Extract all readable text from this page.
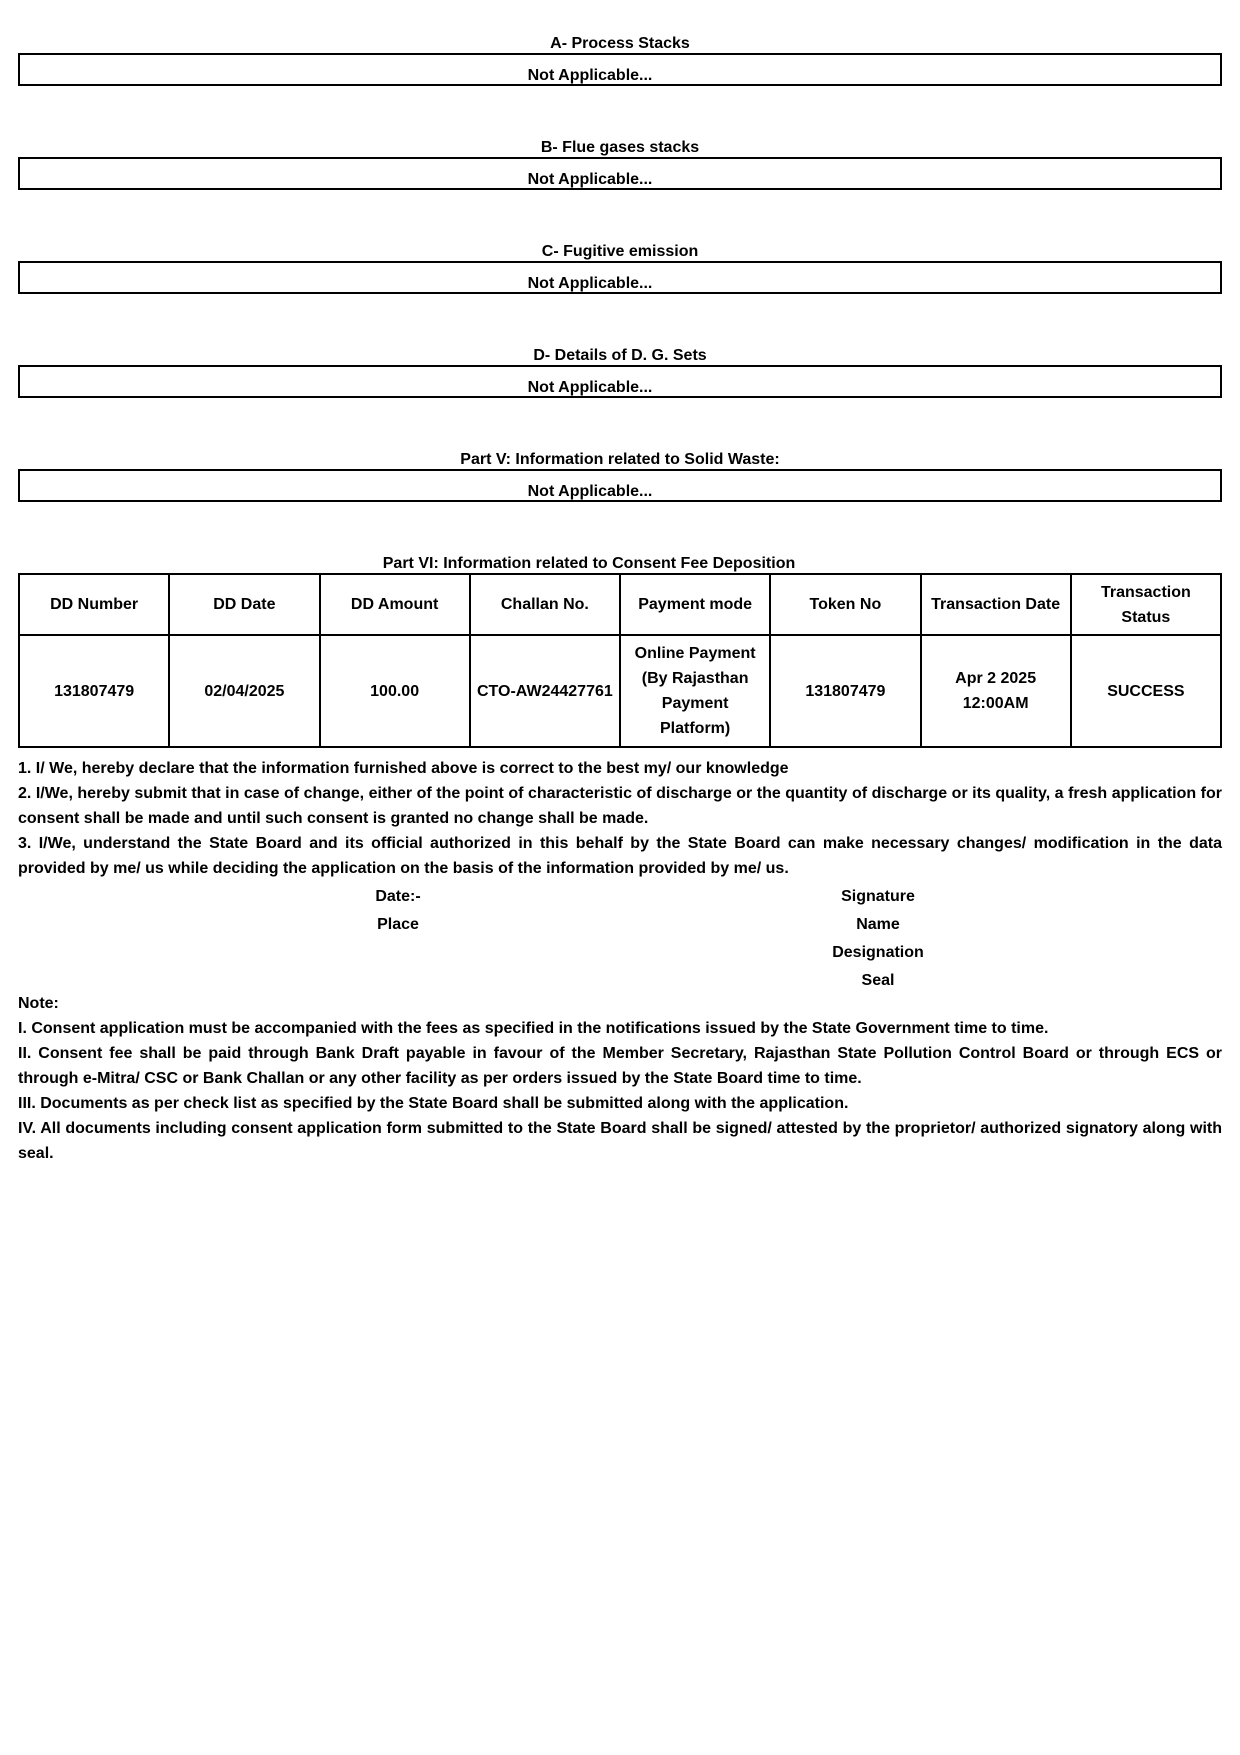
A- Process Stacks
Not Applicable...
B- Flue gases stacks
Not Applicable...
C- Fugitive emission
Not Applicable...
D- Details of D. G. Sets
Not Applicable...
Part V: Information related to Solid Waste:
Not Applicable...
Part VI: Information related to Consent Fee Deposition
DD Number	DD Date	DD Amount	Challan No.	Payment mode	Token No	Transaction Date	Transaction Status
131807479	02/04/2025	100.00	CTO-AW24427761	Online Payment (By Rajasthan Payment Platform)	131807479	Apr 2 2025 12:00AM	SUCCESS

1. I/ We, hereby declare that the information furnished above is correct to the best my/ our knowledge

2. I/We, hereby submit that in case of change, either of the point of characteristic of discharge or the quantity of discharge or its quality, a fresh application for consent shall be made and until such consent is granted no change shall be made.

3. I/We, understand the State Board and its official authorized in this behalf by the State Board can make necessary changes/ modification in the data provided by me/ us while deciding the application on the basis of the information provided by me/ us.

Date:-
Place
Signature
Name
Designation
Seal

Note:

I. Consent application must be accompanied with the fees as specified in the notifications issued by the State Government time to time.

II. Consent fee shall be paid through Bank Draft payable in favour of the Member Secretary, Rajasthan State Pollution Control Board or through ECS or through e-Mitra/ CSC or Bank Challan or any other facility as per orders issued by the State Board time to time.

III. Documents as per check list as specified by the State Board shall be submitted along with the application.

IV. All documents including consent application form submitted to the State Board shall be signed/ attested by the proprietor/ authorized signatory along with seal.
